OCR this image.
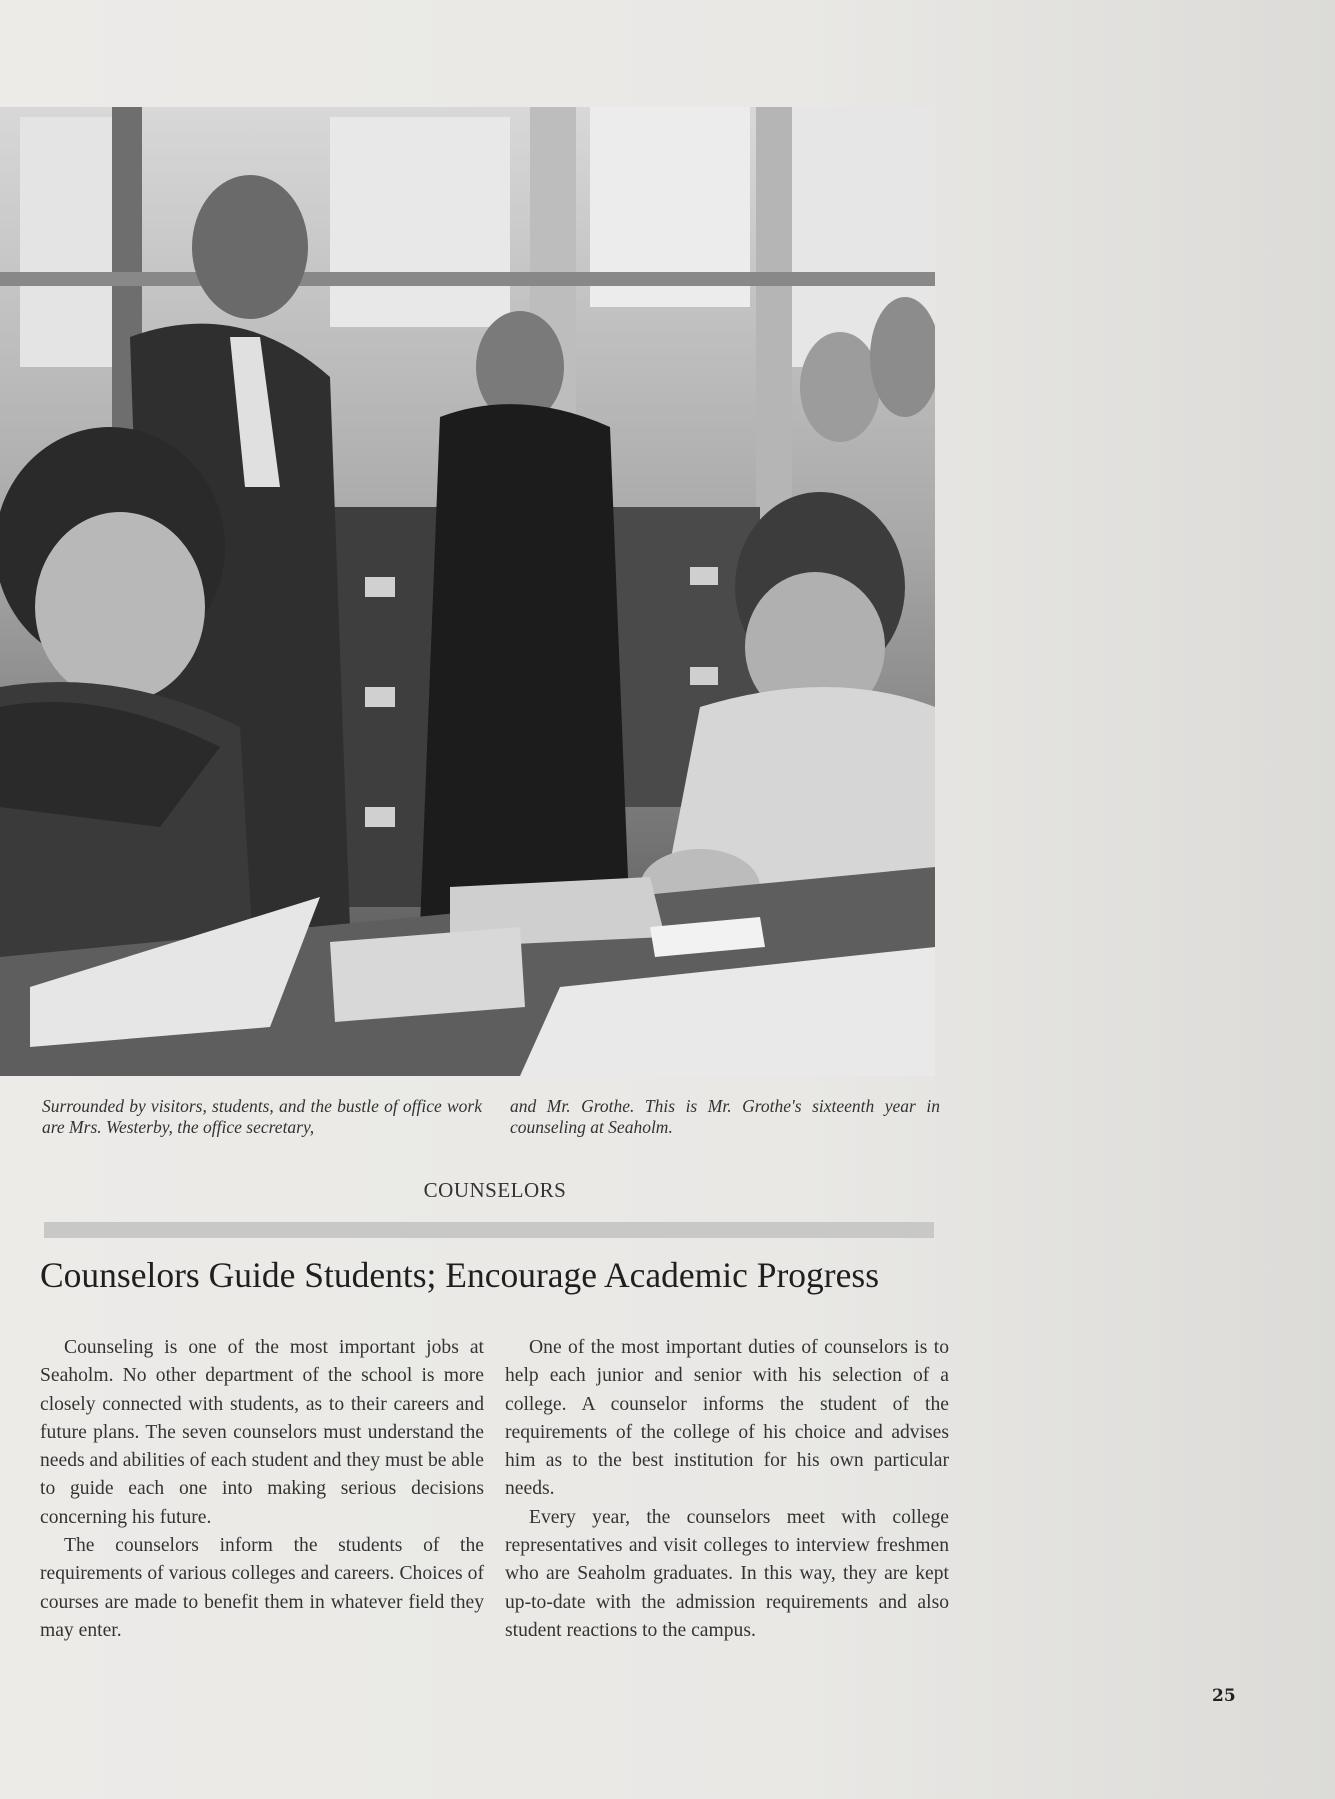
Surrounded by visitors, students, and the bustle of office work are Mrs. Westerby, the office secretary,

and Mr. Grothe. This is Mr. Grothe's sixteenth year in counseling at Seaholm.

COUNSELORS

Counselors Guide Students; Encourage Academic Progress

Counseling is one of the most important jobs at Seaholm. No other department of the school is more closely connected with students, as to their careers and future plans. The seven counselors must understand the needs and abilities of each student and they must be able to guide each one into making serious decisions concerning his future.

The counselors inform the students of the requirements of various colleges and careers. Choices of courses are made to benefit them in whatever field they may enter.

One of the most important duties of counselors is to help each junior and senior with his selection of a college. A counselor informs the student of the requirements of the college of his choice and advises him as to the best institution for his own particular needs.

Every year, the counselors meet with college representatives and visit colleges to interview freshmen who are Seaholm graduates. In this way, they are kept up-to-date with the admission requirements and also student reactions to the campus.

25
